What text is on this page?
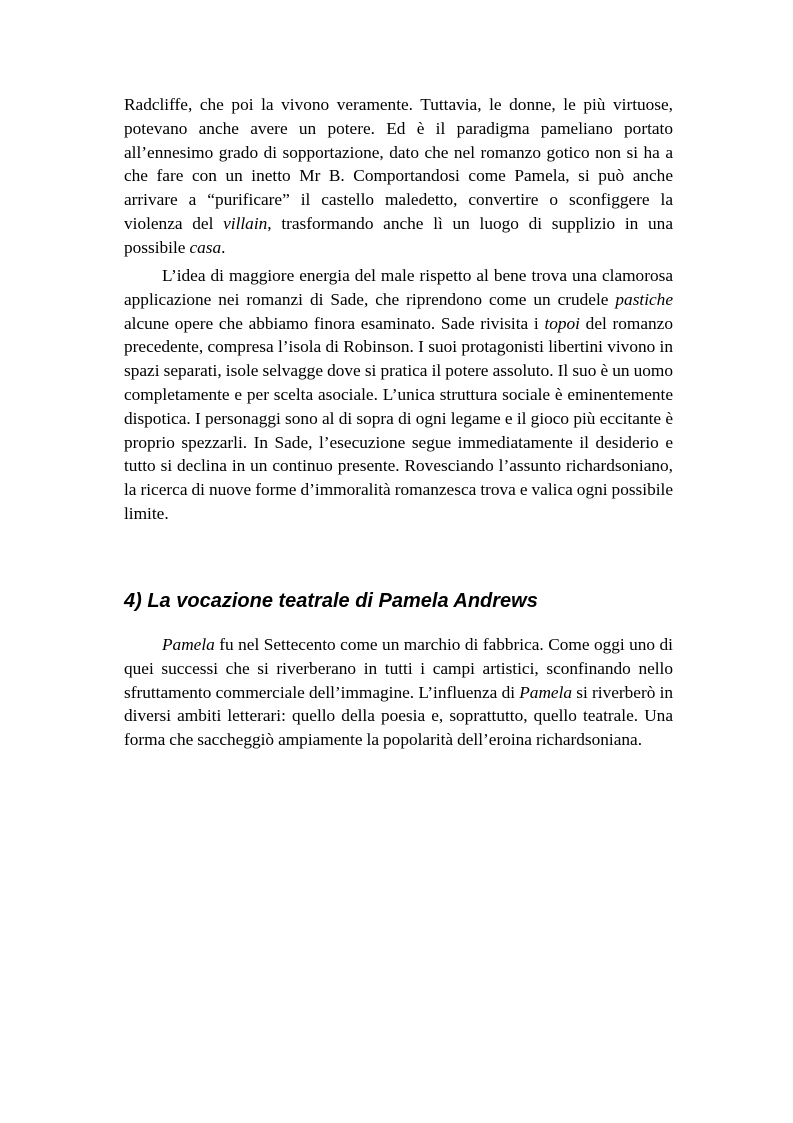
Radcliffe, che poi la vivono veramente. Tuttavia, le donne, le più virtuose, potevano anche avere un potere. Ed è il paradigma pameliano portato all’ennesimo grado di sopportazione, dato che nel romanzo gotico non si ha a che fare con un inetto Mr B. Comportandosi come Pamela, si può anche arrivare a “purificare” il castello maledetto, convertire o sconfiggere la violenza del villain, trasformando anche lì un luogo di supplizio in una possibile casa.

L’idea di maggiore energia del male rispetto al bene trova una clamorosa applicazione nei romanzi di Sade, che riprendono come un crudele pastiche alcune opere che abbiamo finora esaminato. Sade rivisita i topoi del romanzo precedente, compresa l’isola di Robinson. I suoi protagonisti libertini vivono in spazi separati, isole selvagge dove si pratica il potere assoluto. Il suo è un uomo completamente e per scelta asociale. L’unica struttura sociale è eminentemente dispotica. I personaggi sono al di sopra di ogni legame e il gioco più eccitante è proprio spezzarli. In Sade, l’esecuzione segue immediatamente il desiderio e tutto si declina in un continuo presente. Rovesciando l’assunto richardsoniano, la ricerca di nuove forme d’immoralità romanzesca trova e valica ogni possibile limite.

4) La vocazione teatrale di Pamela Andrews

Pamela fu nel Settecento come un marchio di fabbrica. Come oggi uno di quei successi che si riverberano in tutti i campi artistici, sconfinando nello sfruttamento commerciale dell’immagine. L’influenza di Pamela si riverberò in diversi ambiti letterari: quello della poesia e, soprattutto, quello teatrale. Una forma che saccheggiò ampiamente la popolarità dell’eroina richardsoniana.
